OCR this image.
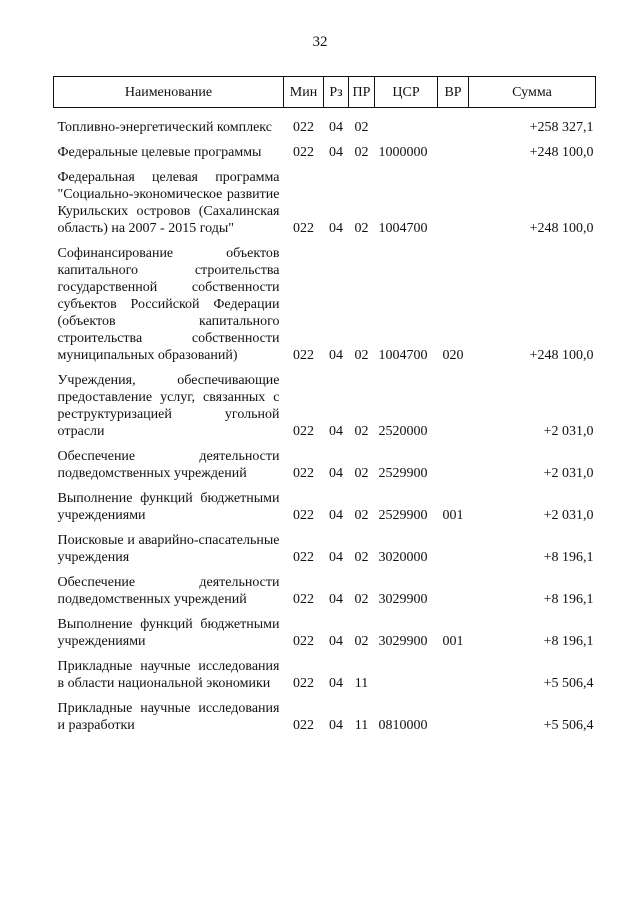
32
Наименование	Мин	Рз	ПР	ЦСР	ВР	Сумма
Топливно-энергетический комплекс	022	04	02			+258 327,1
Федеральные целевые программы	022	04	02	1000000		+248 100,0
Федеральная целевая программа "Социально-экономическое развитие Курильских островов (Сахалинская область) на 2007 - 2015 годы"	022	04	02	1004700		+248 100,0
Софинансирование объектов капитального строительства государственной собственности субъектов Российской Федерации (объектов капитального строительства собственности муниципальных образований)	022	04	02	1004700	020	+248 100,0
Учреждения, обеспечивающие предоставление услуг, связанных с реструктуризацией угольной отрасли	022	04	02	2520000		+2 031,0
Обеспечение деятельности подведомственных учреждений	022	04	02	2529900		+2 031,0
Выполнение функций бюджетными учреждениями	022	04	02	2529900	001	+2 031,0
Поисковые и аварийно-спасательные учреждения	022	04	02	3020000		+8 196,1
Обеспечение деятельности подведомственных учреждений	022	04	02	3029900		+8 196,1
Выполнение функций бюджетными учреждениями	022	04	02	3029900	001	+8 196,1
Прикладные научные исследования в области национальной экономики	022	04	11			+5 506,4
Прикладные научные исследования и разработки	022	04	11	0810000		+5 506,4
